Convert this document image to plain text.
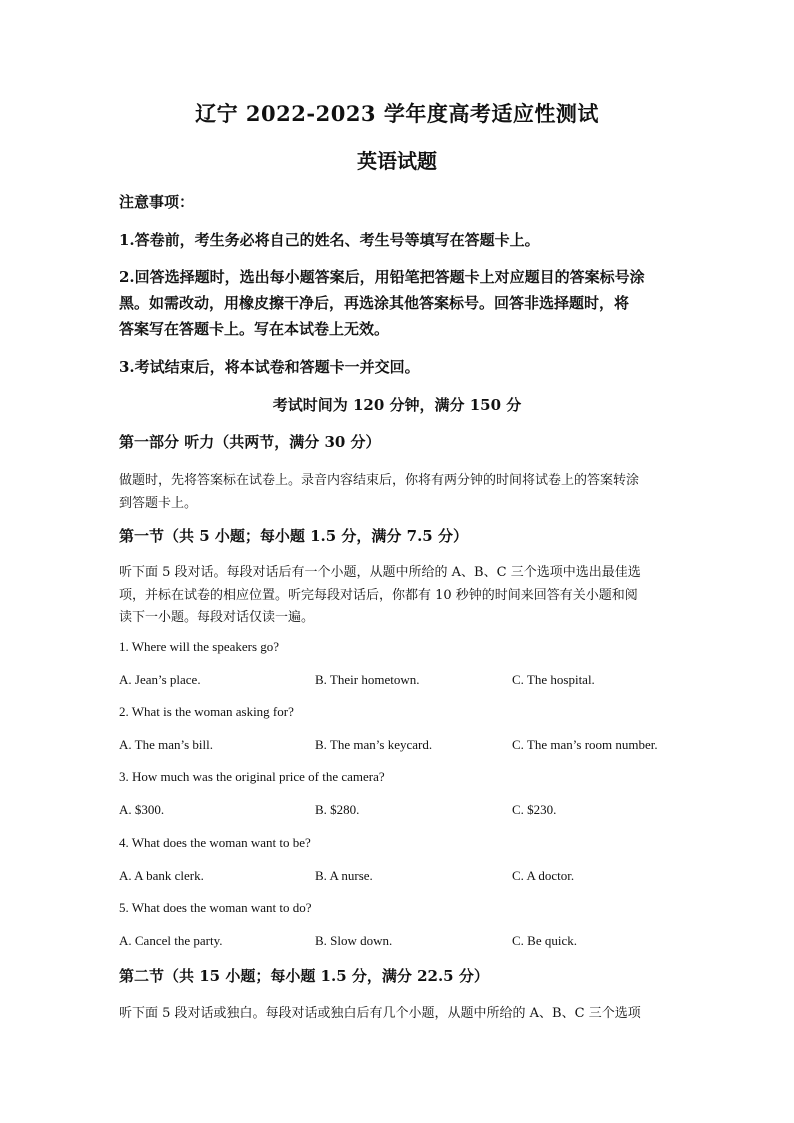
辽宁 2022-2023 学年度高考适应性测试
英语试题
注意事项：
1.答卷前，考生务必将自己的姓名、考生号等填写在答题卡上。
2.回答选择题时，选出每小题答案后，用铅笔把答题卡上对应题目的答案标号涂
黑。如需改动，用橡皮擦干净后，再选涂其他答案标号。回答非选择题时，将
答案写在答题卡上。写在本试卷上无效。
3.考试结束后，将本试卷和答题卡一并交回。
考试时间为 120 分钟，满分 150 分
第一部分 听力（共两节，满分 30 分）
做题时，先将答案标在试卷上。录音内容结束后，你将有两分钟的时间将试卷上的答案转涂
到答题卡上。
第一节（共 5 小题；每小题 1.5 分，满分 7.5 分）
听下面 5 段对话。每段对话后有一个小题，从题中所给的 A、B、C 三个选项中选出最佳选
项，并标在试卷的相应位置。听完每段对话后，你都有 10 秒钟的时间来回答有关小题和阅
读下一小题。每段对话仅读一遍。
1. Where will the speakers go?
A. Jean’s place.	B. Their hometown.	C. The hospital.
2. What is the woman asking for?
A. The man’s bill.	B. The man’s keycard.	C. The man’s room number.
3. How much was the original price of the camera?
A. $300.	B. $280.	C. $230.
4. What does the woman want to be?
A. A bank clerk.	B. A nurse.	C. A doctor.
5. What does the woman want to do?
A. Cancel the party.	B. Slow down.	C. Be quick.
第二节（共 15 小题；每小题 1.5 分，满分 22.5 分）
听下面 5 段对话或独白。每段对话或独白后有几个小题，从题中所给的 A、B、C 三个选项
